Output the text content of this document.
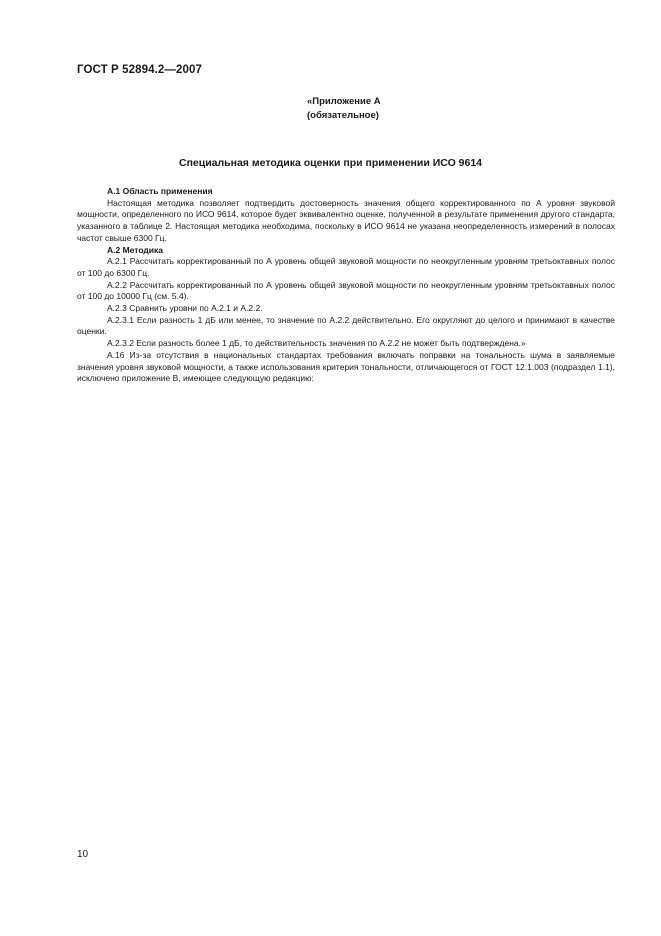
ГОСТ Р 52894.2—2007
«Приложение А
(обязательное)
Специальная методика оценки при применении ИСО 9614

А.1 Область применения

Настоящая методика позволяет подтвердить достоверность значения общего корректированного по А уровня звуковой мощности, определенного по ИСО 9614, которое будет эквивалентно оценке, полученной в результате применения другого стандарта, указанного в таблице 2. Настоящая методика необходима, поскольку в ИСО 9614 не указана неопределенность измерений в полосах частот свыше 6300 Гц.

А.2 Методика

А.2.1 Рассчитать корректированный по А уровень общей звуковой мощности по неокругленным уровням третьоктавных полос от 100 до 6300 Гц.

А.2.2 Рассчитать корректированный по А уровень общей звуковой мощности по неокругленным уровням третьоктавных полос от 100 до 10000 Гц (см. 5.4).

А.2.3 Сравнить уровни по А.2.1 и А.2.2.

А.2.3.1 Если разность 1 дБ или менее, то значение по А.2.2 действительно. Его округляют до целого и принимают в качестве оценки.

А.2.3.2 Если разность более 1 дБ, то действительность значения по А.2.2 не может быть подтверждена.»

А.16 Из-за отсутствия в национальных стандартах требования включать поправки на тональность шума в заявляемые значения уровня звуковой мощности, а также использования критерия тональности, отличающегося от ГОСТ 12.1.003 (подраздел 1.1), исключено приложение В, имеющее следующую редакцию:

10
